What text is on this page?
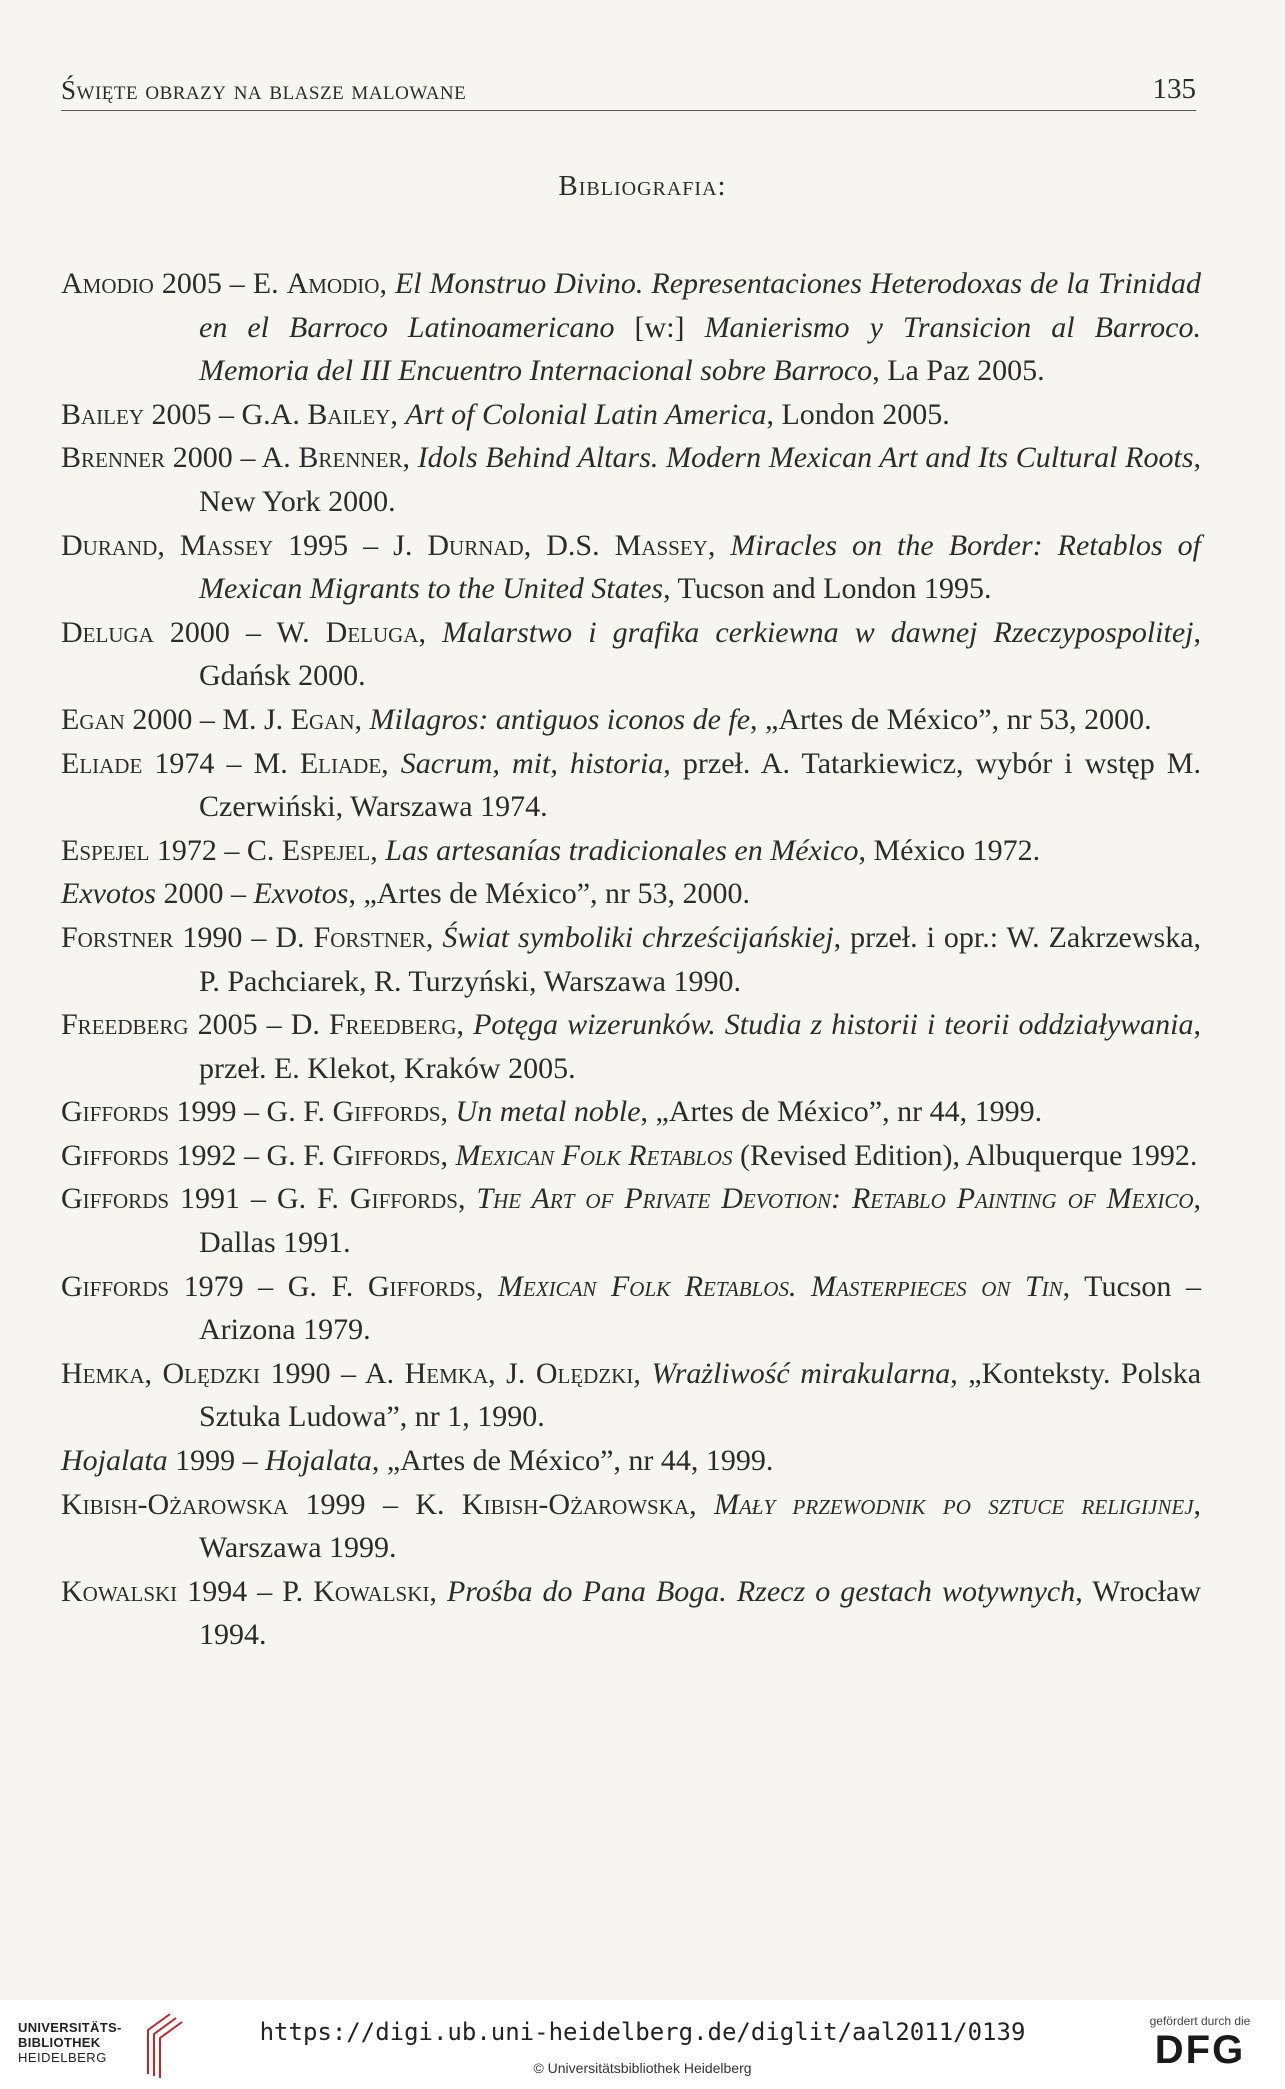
Święte obrazy na blasze malowane	135
Bibliografia:

Amodio 2005 – E. Amodio, El Monstruo Divino. Representaciones Heterodoxas de la Trinidad en el Barroco Latinoamericano [w:] Manierismo y Transicion al Barroco. Memoria del III Encuentro Internacional sobre Barroco, La Paz 2005.

Bailey 2005 – G.A. Bailey, Art of Colonial Latin America, London 2005.

Brenner 2000 – A. Brenner, Idols Behind Altars. Modern Mexican Art and Its Cultural Roots, New York 2000.

Durand, Massey 1995 – J. Durnad, D.S. Massey, Miracles on the Border: Retablos of Mexican Migrants to the United States, Tucson and London 1995.

Deluga 2000 – W. Deluga, Malarstwo i grafika cerkiewna w dawnej Rzeczypospolitej, Gdańsk 2000.

Egan 2000 – M. J. Egan, Milagros: antiguos iconos de fe, „Artes de México”, nr 53, 2000.

Eliade 1974 – M. Eliade, Sacrum, mit, historia, przeł. A. Tatarkiewicz, wybór i wstęp M. Czerwiński, Warszawa 1974.

Espejel 1972 – C. Espejel, Las artesanías tradicionales en México, México 1972.

Exvotos 2000 – Exvotos, „Artes de México”, nr 53, 2000.

Forstner 1990 – D. Forstner, Świat symboliki chrześcijańskiej, przeł. i opr.: W. Zakrzewska, P. Pachciarek, R. Turzyński, Warszawa 1990.

Freedberg 2005 – D. Freedberg, Potęga wizerunków. Studia z historii i teorii oddziaływania, przeł. E. Klekot, Kraków 2005.

Giffords 1999 – G. F. Giffords, Un metal noble, „Artes de México”, nr 44, 1999.

Giffords 1992 – G. F. Giffords, Mexican Folk Retablos (Revised Edition), Albuquerque 1992.

Giffords 1991 – G. F. Giffords, The Art of Private Devotion: Retablo Painting of Mexico, Dallas 1991.

Giffords 1979 – G. F. Giffords, Mexican Folk Retablos. Masterpieces on Tin, Tucson – Arizona 1979.

Hemka, Olędzki 1990 – A. Hemka, J. Olędzki, Wrażliwość mirakularna, „Konteksty. Polska Sztuka Ludowa”, nr 1, 1990.

Hojalata 1999 – Hojalata, „Artes de México”, nr 44, 1999.

Kibish-Ożarowska 1999 – K. Kibish-Ożarowska, Mały przewodnik po sztuce religijnej, Warszawa 1999.

Kowalski 1994 – P. Kowalski, Prośba do Pana Boga. Rzecz o gestach wotywnych, Wrocław 1994.

UNIVERSITÄTS-
BIBLIOTHEK
HEIDELBERG
https://digi.ub.uni-heidelberg.de/diglit/aal2011/0139
© Universitätsbibliothek Heidelberg
gefördert durch die
DFG
